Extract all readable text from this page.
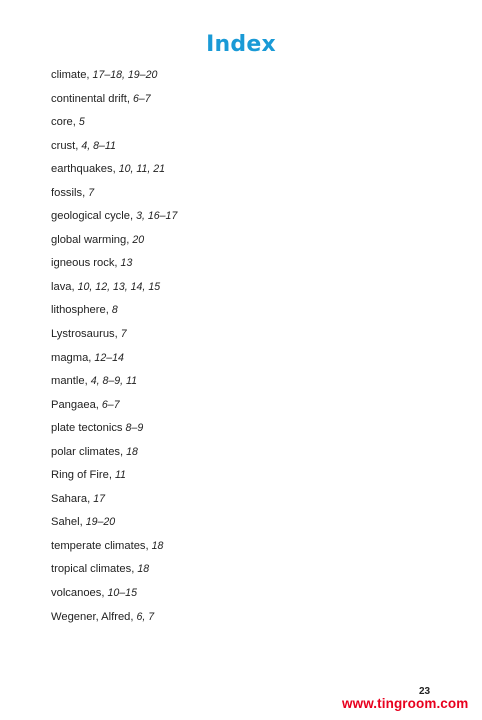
Index
climate, 17–18, 19–20
continental drift, 6–7
core, 5
crust, 4, 8–11
earthquakes, 10, 11, 21
fossils, 7
geological cycle, 3, 16–17
global warming, 20
igneous rock, 13
lava, 10, 12, 13, 14, 15
lithosphere, 8
Lystrosaurus, 7
magma, 12–14
mantle, 4, 8–9, 11
Pangaea, 6–7
plate tectonics 8–9
polar climates, 18
Ring of Fire, 11
Sahara, 17
Sahel, 19–20
temperate climates, 18
tropical climates, 18
volcanoes, 10–15
Wegener, Alfred, 6, 7
23
www.tingroom.com
